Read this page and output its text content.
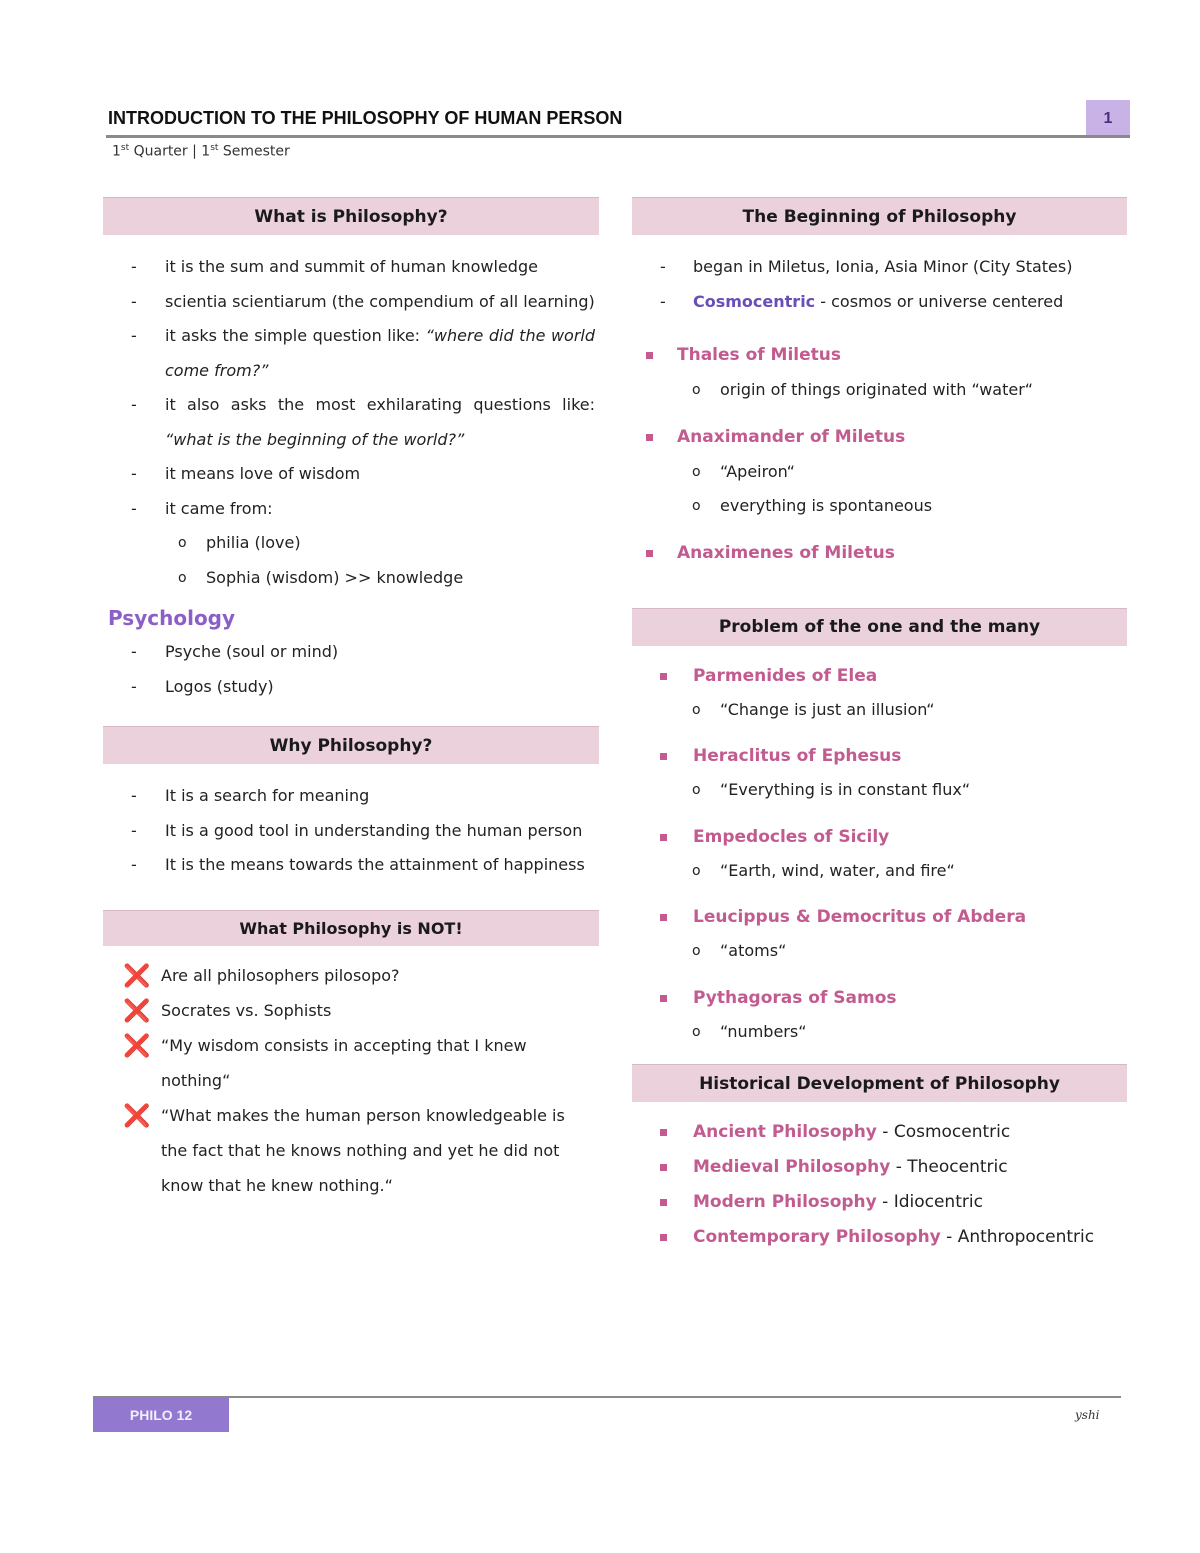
INTRODUCTION TO THE PHILOSOPHY OF HUMAN PERSON	1
1st Quarter | 1st Semester
What is Philosophy?
- it is the sum and summit of human knowledge
- scientia scientiarum (the compendium of all learning)
- it asks the simple question like: “where did the world come from?”
- it also asks the most exhilarating questions like: “what is the beginning of the world?”
- it means love of wisdom
- it came from:
o philia (love)
o Sophia (wisdom) >> knowledge
Psychology
- Psyche (soul or mind)
- Logos (study)
Why Philosophy?
- It is a search for meaning
- It is a good tool in understanding the human person
- It is the means towards the attainment of happiness
What Philosophy is NOT!
❌ Are all philosophers pilosopo?
❌ Socrates vs. Sophists
❌ “My wisdom consists in accepting that I knew nothing“
❌ “What makes the human person knowledgeable is the fact that he knows nothing and yet he did not know that he knew nothing.“
The Beginning of Philosophy
- began in Miletus, Ionia, Asia Minor (City States)
- Cosmocentric - cosmos or universe centered
Thales of Miletus
o origin of things originated with “water“
Anaximander of Miletus
o “Apeiron“
o everything is spontaneous
Anaximenes of Miletus
Problem of the one and the many
Parmenides of Elea
o “Change is just an illusion“
Heraclitus of Ephesus
o “Everything is in constant flux“
Empedocles of Sicily
o “Earth, wind, water, and fire“
Leucippus & Democritus of Abdera
o “atoms“
Pythagoras of Samos
o “numbers“
Historical Development of Philosophy
Ancient Philosophy - Cosmocentric
Medieval Philosophy - Theocentric
Modern Philosophy - Idiocentric
Contemporary Philosophy - Anthropocentric
PHILO 12	yshi
